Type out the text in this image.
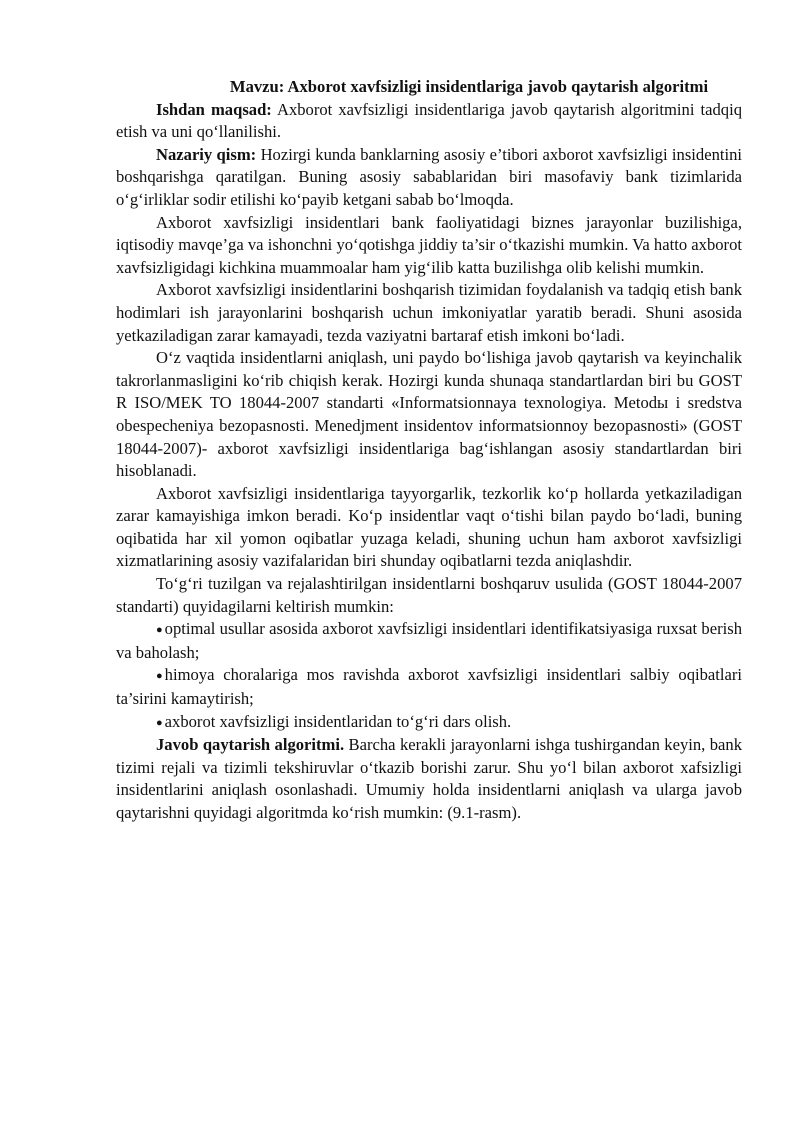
Mavzu: Axborot xavfsizligi insidentlariga javob qaytarish algoritmi

Ishdan maqsad: Axborot xavfsizligi insidentlariga javob qaytarish algoritmini tadqiq etish va uni qo‘llanilishi.

Nazariy qism: Hozirgi kunda banklarning asosiy e’tibori axborot xavfsizligi insidentini boshqarishga qaratilgan. Buning asosiy sabablaridan biri masofaviy bank tizimlarida o‘g‘irliklar sodir etilishi ko‘payib ketgani sabab bo‘lmoqda.

Axborot xavfsizligi insidentlari bank faoliyatidagi biznes jarayonlar buzilishiga, iqtisodiy mavqe’ga va ishonchni yo‘qotishga jiddiy ta’sir o‘tkazishi mumkin. Va hatto axborot xavfsizligidagi kichkina muammoalar ham yig‘ilib katta buzilishga olib kelishi mumkin.

Axborot xavfsizligi insidentlarini boshqarish tizimidan foydalanish va tadqiq etish bank hodimlari ish jarayonlarini boshqarish uchun imkoniyatlar yaratib beradi. Shuni asosida yetkaziladigan zarar kamayadi, tezda vaziyatni bartaraf etish imkoni bo‘ladi.

O‘z vaqtida insidentlarni aniqlash, uni paydo bo‘lishiga javob qaytarish va keyinchalik takrorlanmasligini ko‘rib chiqish kerak. Hozirgi kunda shunaqa standartlardan biri bu GOST R ISO/MEK TO 18044-2007 standarti «Informatsionnaya texnologiya. Metodы i sredstva obespecheniya bezopasnosti. Menedjment insidentov informatsionnoy bezopasnosti» (GOST 18044-2007)- axborot xavfsizligi insidentlariga bag‘ishlangan asosiy standartlardan biri hisoblanadi.

Axborot xavfsizligi insidentlariga tayyorgarlik, tezkorlik ko‘p hollarda yetkaziladigan zarar kamayishiga imkon beradi. Ko‘p insidentlar vaqt o‘tishi bilan paydo bo‘ladi, buning oqibatida har xil yomon oqibatlar yuzaga keladi, shuning uchun ham axborot xavfsizligi xizmatlarining asosiy vazifalaridan biri shunday oqibatlarni tezda aniqlashdir.

To‘g‘ri tuzilgan va rejalashtirilgan insidentlarni boshqaruv usulida (GOST 18044-2007 standarti) quyidagilarni keltirish mumkin:

● optimal usullar asosida axborot xavfsizligi insidentlari identifikatsiyasiga ruxsat berish va baholash;
● himoya choralariga mos ravishda axborot xavfsizligi insidentlari salbiy oqibatlari ta’sirini kamaytirish;
● axborot xavfsizligi insidentlaridan to‘g‘ri dars olish.

Javob qaytarish algoritmi. Barcha kerakli jarayonlarni ishga tushirgandan keyin, bank tizimi rejali va tizimli tekshiruvlar o‘tkazib borishi zarur. Shu yo‘l bilan axborot xafsizligi insidentlarini aniqlash osonlashadi. Umumiy holda insidentlarni aniqlash va ularga javob qaytarishni quyidagi algoritmda ko‘rish mumkin: (9.1-rasm).
